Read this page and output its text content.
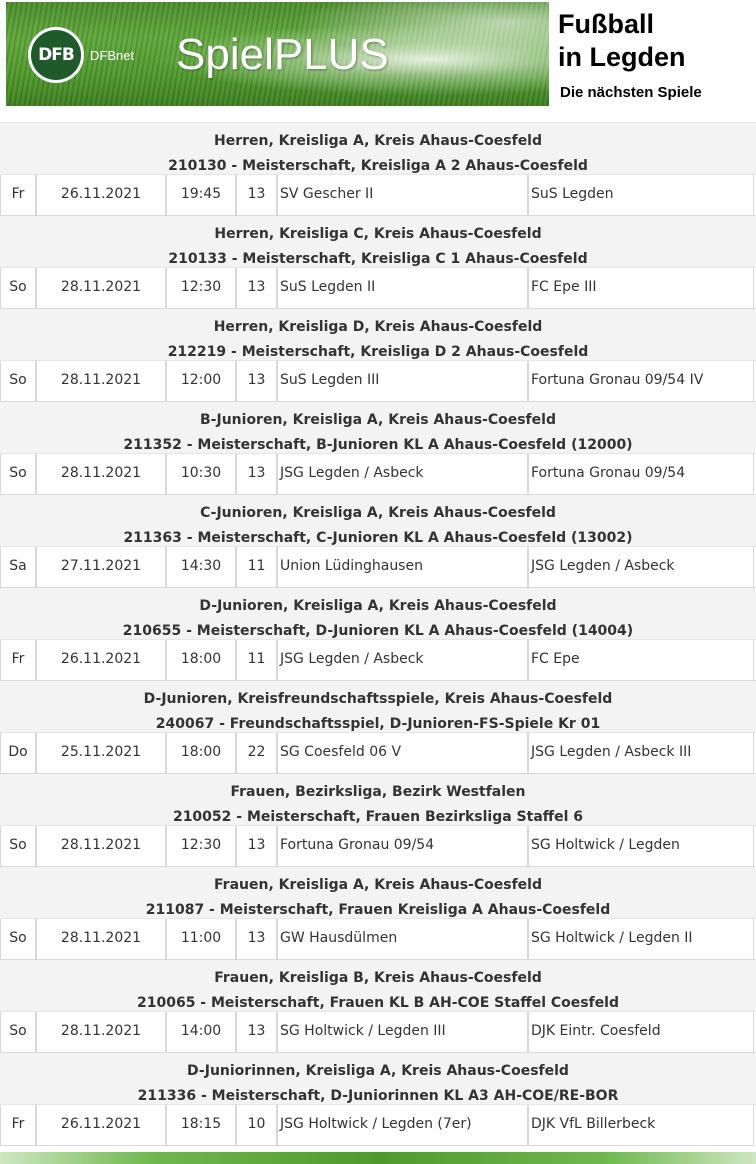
DFB DFBnet SpielPLUS
Fußball
in Legden
Die nächsten Spiele
Herren, Kreisliga A, Kreis Ahaus-Coesfeld
210130 - Meisterschaft, Kreisliga A 2 Ahaus-Coesfeld
Fr	26.11.2021	19:45	13	SV Gescher II	SuS Legden
Herren, Kreisliga C, Kreis Ahaus-Coesfeld
210133 - Meisterschaft, Kreisliga C 1 Ahaus-Coesfeld
So	28.11.2021	12:30	13	SuS Legden II	FC Epe III
Herren, Kreisliga D, Kreis Ahaus-Coesfeld
212219 - Meisterschaft, Kreisliga D 2 Ahaus-Coesfeld
So	28.11.2021	12:00	13	SuS Legden III	Fortuna Gronau 09/54 IV
B-Junioren, Kreisliga A, Kreis Ahaus-Coesfeld
211352 - Meisterschaft, B-Junioren KL A Ahaus-Coesfeld (12000)
So	28.11.2021	10:30	13	JSG Legden / Asbeck	Fortuna Gronau 09/54
C-Junioren, Kreisliga A, Kreis Ahaus-Coesfeld
211363 - Meisterschaft, C-Junioren KL A Ahaus-Coesfeld (13002)
Sa	27.11.2021	14:30	11	Union Lüdinghausen	JSG Legden / Asbeck
D-Junioren, Kreisliga A, Kreis Ahaus-Coesfeld
210655 - Meisterschaft, D-Junioren KL A Ahaus-Coesfeld (14004)
Fr	26.11.2021	18:00	11	JSG Legden / Asbeck	FC Epe
D-Junioren, Kreisfreundschaftsspiele, Kreis Ahaus-Coesfeld
240067 - Freundschaftsspiel, D-Junioren-FS-Spiele Kr 01
Do	25.11.2021	18:00	22	SG Coesfeld 06 V	JSG Legden / Asbeck III
Frauen, Bezirksliga, Bezirk Westfalen
210052 - Meisterschaft, Frauen Bezirksliga Staffel 6
So	28.11.2021	12:30	13	Fortuna Gronau 09/54	SG Holtwick / Legden
Frauen, Kreisliga A, Kreis Ahaus-Coesfeld
211087 - Meisterschaft, Frauen Kreisliga A Ahaus-Coesfeld
So	28.11.2021	11:00	13	GW Hausdülmen	SG Holtwick / Legden II
Frauen, Kreisliga B, Kreis Ahaus-Coesfeld
210065 - Meisterschaft, Frauen KL B AH-COE Staffel Coesfeld
So	28.11.2021	14:00	13	SG Holtwick / Legden III	DJK Eintr. Coesfeld
D-Juniorinnen, Kreisliga A, Kreis Ahaus-Coesfeld
211336 - Meisterschaft, D-Juniorinnen KL A3 AH-COE/RE-BOR
Fr	26.11.2021	18:15	10	JSG Holtwick / Legden (7er)	DJK VfL Billerbeck
